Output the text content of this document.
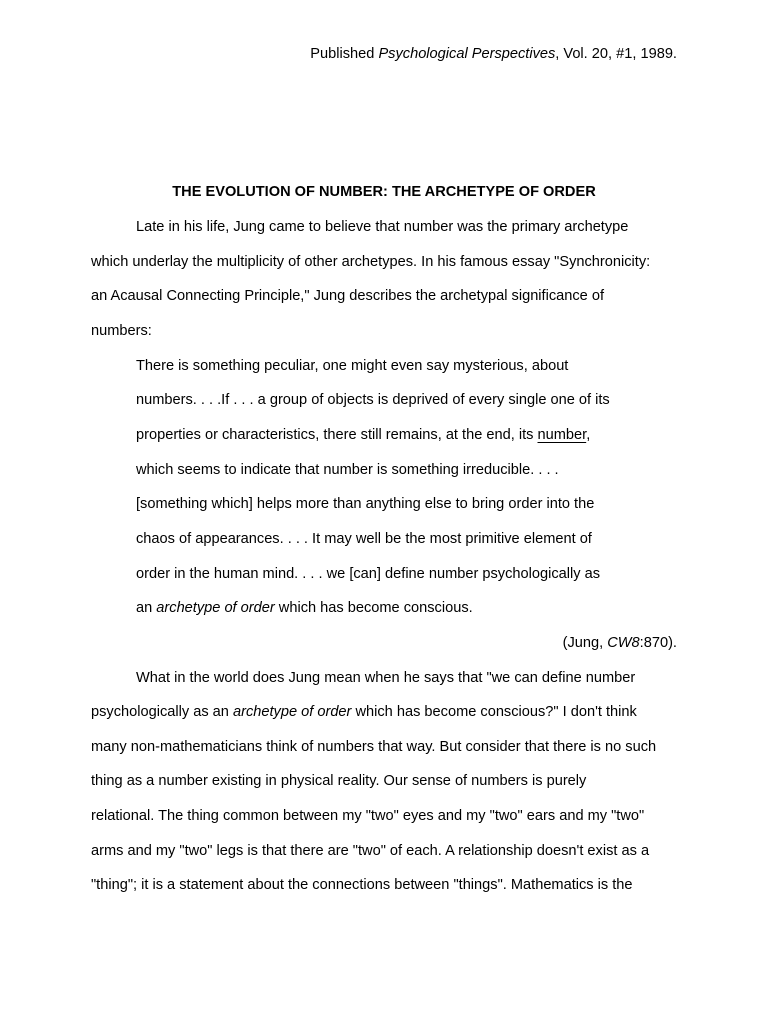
Published Psychological Perspectives, Vol. 20, #1, 1989.
THE EVOLUTION OF NUMBER: THE ARCHETYPE OF ORDER
Late in his life, Jung came to believe that number was the primary archetype
which underlay the multiplicity of other archetypes. In his famous essay "Synchronicity:
an Acausal Connecting Principle," Jung describes the archetypal significance of
numbers:
There is something peculiar, one might even say mysterious, about
numbers. . . .If . . . a group of objects is deprived of every single one of its
properties or characteristics, there still remains, at the end, its number,
which seems to indicate that number is something irreducible. . . .
[something which] helps more than anything else to bring order into the
chaos of appearances. . . . It may well be the most primitive element of
order in the human mind. . . . we [can] define number psychologically as
an archetype of order which has become conscious.
(Jung, CW8:870).
What in the world does Jung mean when he says that "we can define number
psychologically as an archetype of order which has become conscious?" I don't think
many non-mathematicians think of numbers that way. But consider that there is no such
thing as a number existing in physical reality. Our sense of numbers is purely
relational. The thing common between my "two" eyes and my "two" ears and my "two"
arms and my "two" legs is that there are "two" of each. A relationship doesn't exist as a
"thing"; it is a statement about the connections between "things". Mathematics is the
